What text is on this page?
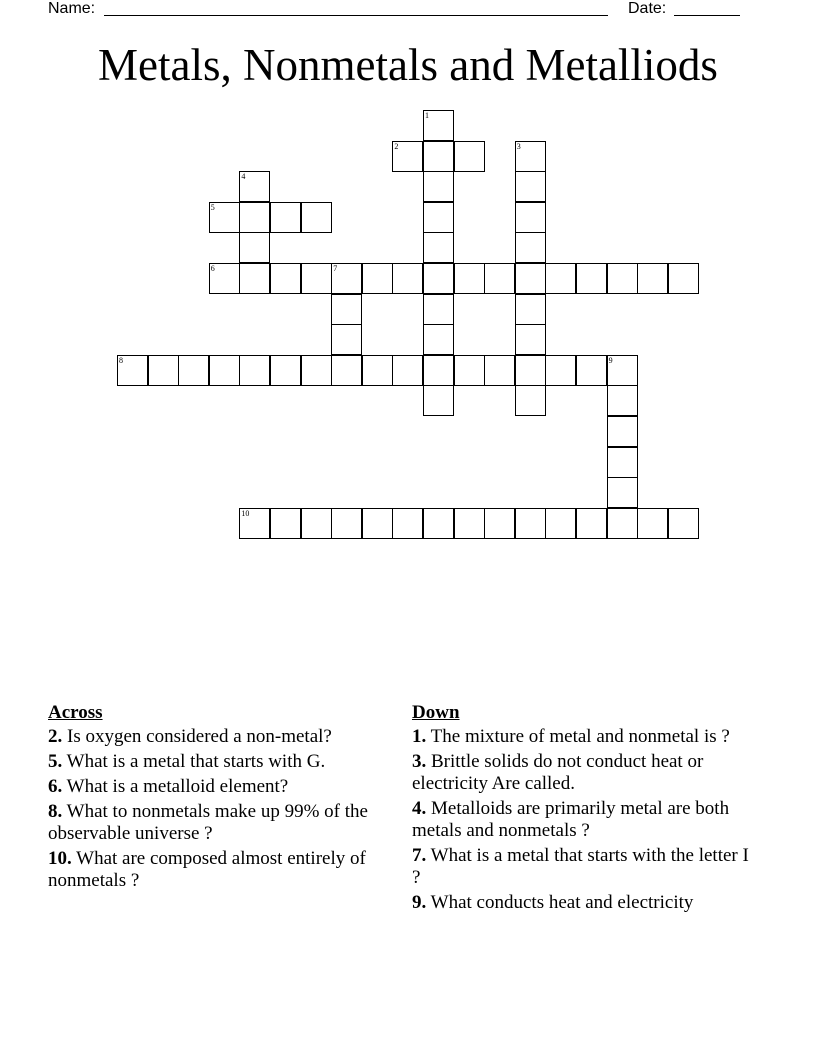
Name:	Date:
Metals, Nonmetals and Metalliods
1
2	3
4
5
6	7
8	9
10
Across
2. Is oxygen considered a non-metal?
5. What is a metal that starts with G.
6. What is a metalloid element?
8. What to nonmetals make up 99% of the observable universe ?
10. What are composed almost entirely of nonmetals ?
Down
1. The mixture of metal and nonmetal is ?
3. Brittle solids do not conduct heat or electricity Are called.
4. Metalloids are primarily metal are both metals and nonmetals ?
7. What is a metal that starts with the letter I ?
9. What conducts heat and electricity
